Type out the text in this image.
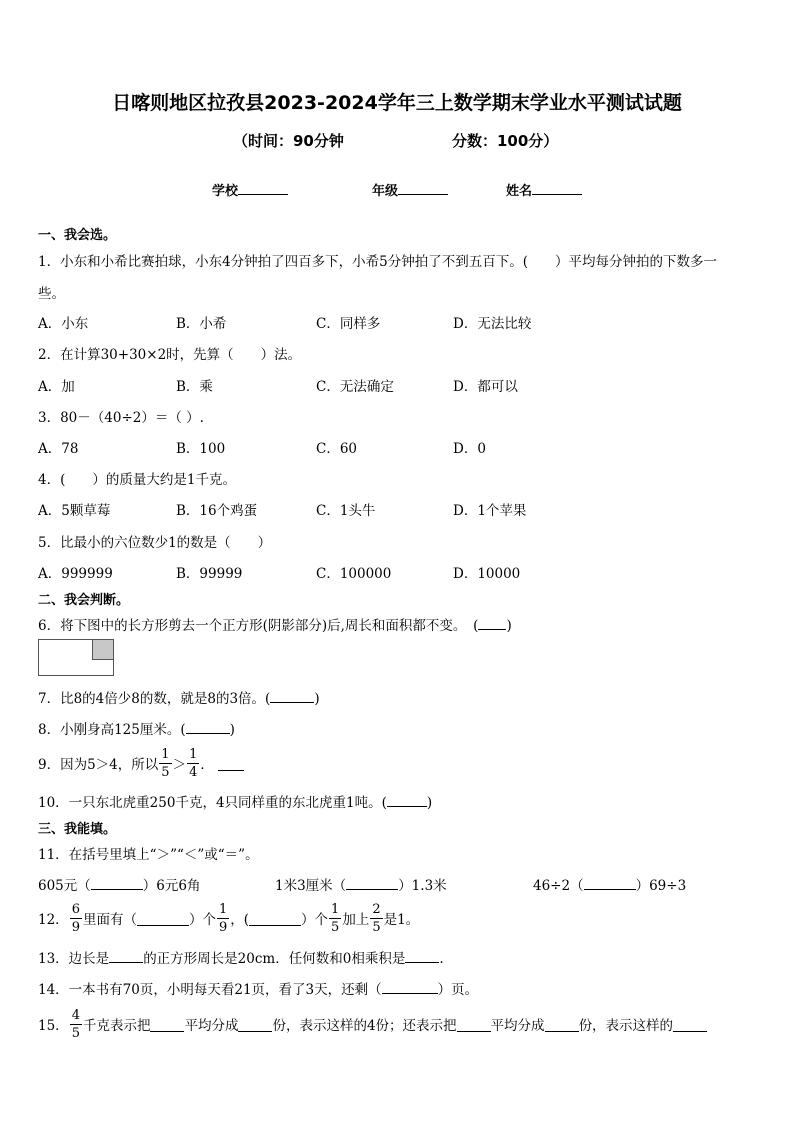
日喀则地区拉孜县2023-2024学年三上数学期末学业水平测试试题
（时间：90分钟	分数：100分）
学校	年级	姓名
一、我会选。
1．小东和小希比赛拍球，小东4分钟拍了四百多下，小希5分钟拍了不到五百下。(　　）平均每分钟拍的下数多一
些。
A．小东	B．小希	C．同样多	D．无法比较
2．在计算30+30×2时，先算（　　）法。
A．加	B．乘	C．无法确定	D．都可以
3．80－（40÷2）＝（ ）.
A．78	B．100	C．60	D．0
4．(　　）的质量大约是1千克。
A．5颗草莓	B．16个鸡蛋	C．1头牛	D．1个苹果
5．比最小的六位数少1的数是（　　）
A．999999	B．99999	C．100000	D．10000
二、我会判断。
6．将下图中的长方形剪去一个正方形(阴影部分)后,周长和面积都不变。　( )
7．比8的4倍少8的数，就是8的3倍。(	)
8．小刚身高125厘米。(	)
9．因为5＞4，所以 $\frac{1}{5} > \frac{1}{4}$ ．
10．一只东北虎重250千克，4只同样重的东北虎重1吨。(	)
三、我能填。
11．在括号里填上“＞”“＜”或“＝”。
605元（	）6元6角	1米3厘米（	）1.3米	46÷2（	）69÷3
12． $\frac{6}{9}$ 里面有（	）个 $\frac{1}{9}$ ，(	）个 $\frac{1}{5}$ 加上 $\frac{2}{5}$ 是1。
13．边长是	的正方形周长是20cm．任何数和0相乘积是	.
14．一本书有70页，小明每天看21页，看了3天，还剩（	）页。
15． $\frac{4}{5}$ 千克表示把	平均分成	份，表示这样的4份；还表示把	平均分成	份，表示这样的
